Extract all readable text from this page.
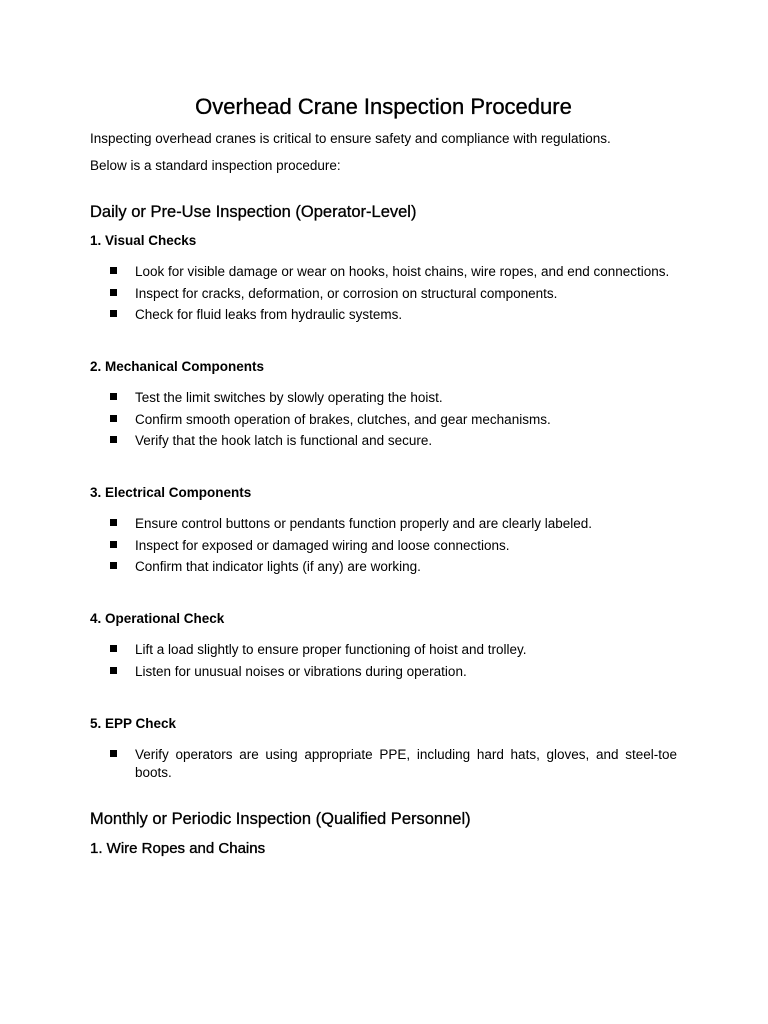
Overhead Crane Inspection Procedure

Inspecting overhead cranes is critical to ensure safety and compliance with regulations.

Below is a standard inspection procedure:

Daily or Pre-Use Inspection (Operator-Level)
1. Visual Checks
Look for visible damage or wear on hooks, hoist chains, wire ropes, and end connections.
Inspect for cracks, deformation, or corrosion on structural components.
Check for fluid leaks from hydraulic systems.
2. Mechanical Components
Test the limit switches by slowly operating the hoist.
Confirm smooth operation of brakes, clutches, and gear mechanisms.
Verify that the hook latch is functional and secure.
3. Electrical Components
Ensure control buttons or pendants function properly and are clearly labeled.
Inspect for exposed or damaged wiring and loose connections.
Confirm that indicator lights (if any) are working.
4. Operational Check
Lift a load slightly to ensure proper functioning of hoist and trolley.
Listen for unusual noises or vibrations during operation.
5. EPP Check
Verify operators are using appropriate PPE, including hard hats, gloves, and steel-toe boots.
Monthly or Periodic Inspection (Qualified Personnel)
1. Wire Ropes and Chains
